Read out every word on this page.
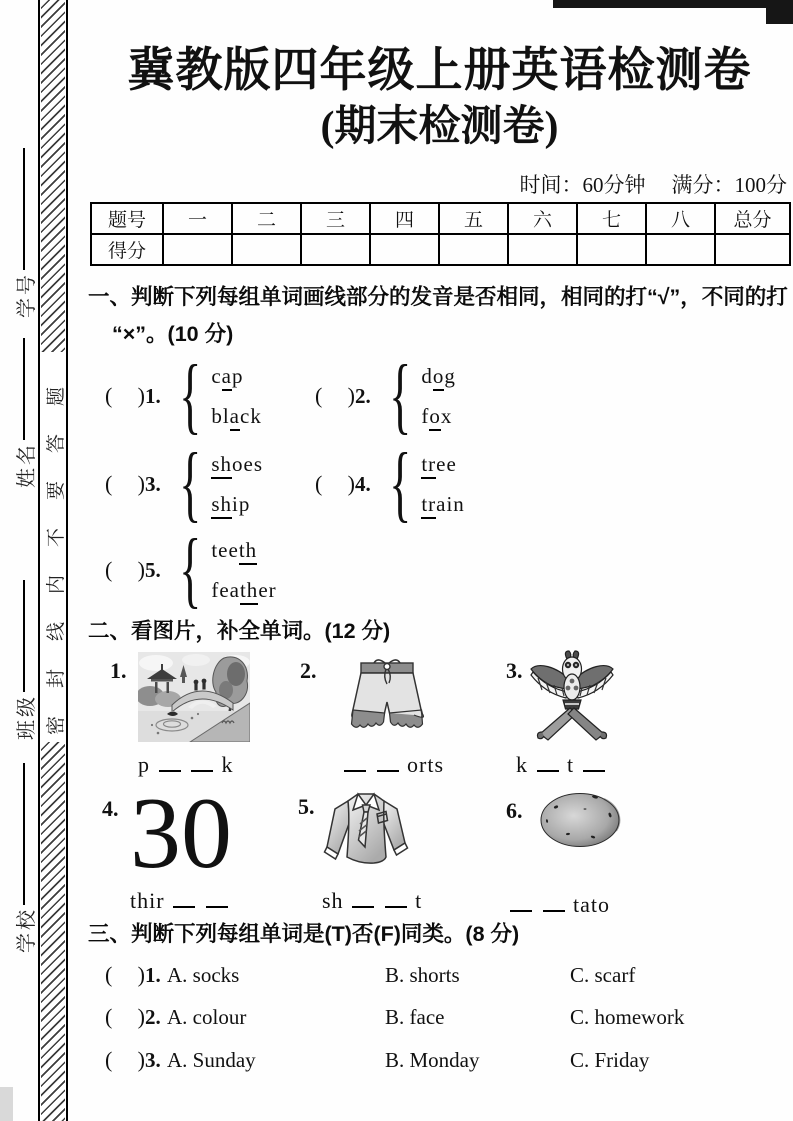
学号
姓名
班级
学校
密封线内不要答题
冀教版四年级上册英语检测卷
(期末检测卷)
时间：60分钟 满分：100分
题号	一	二	三	四	五	六	七	八	总分
得分									
一、判断下列每组单词画线部分的发音是否相同，相同的打“√”，不同的打
“×”。(10 分)
( ) 1. { cap
black
( ) 2. { dog
fox
( ) 3. { shoes
ship
( ) 4. { tree
train
( ) 5. { teeth
feather
二、看图片，补全单词。(12 分)
1.
p	k
2.
orts
3.
k  t
4. 30
thir
5.
sh	t
6.
tato
三、判断下列每组单词是(T)否(F)同类。(8 分)
( ) 1. A. socks	B. shorts	C. scarf
( ) 2. A. colour	B. face	C. homework
( ) 3. A. Sunday	B. Monday	C. Friday
